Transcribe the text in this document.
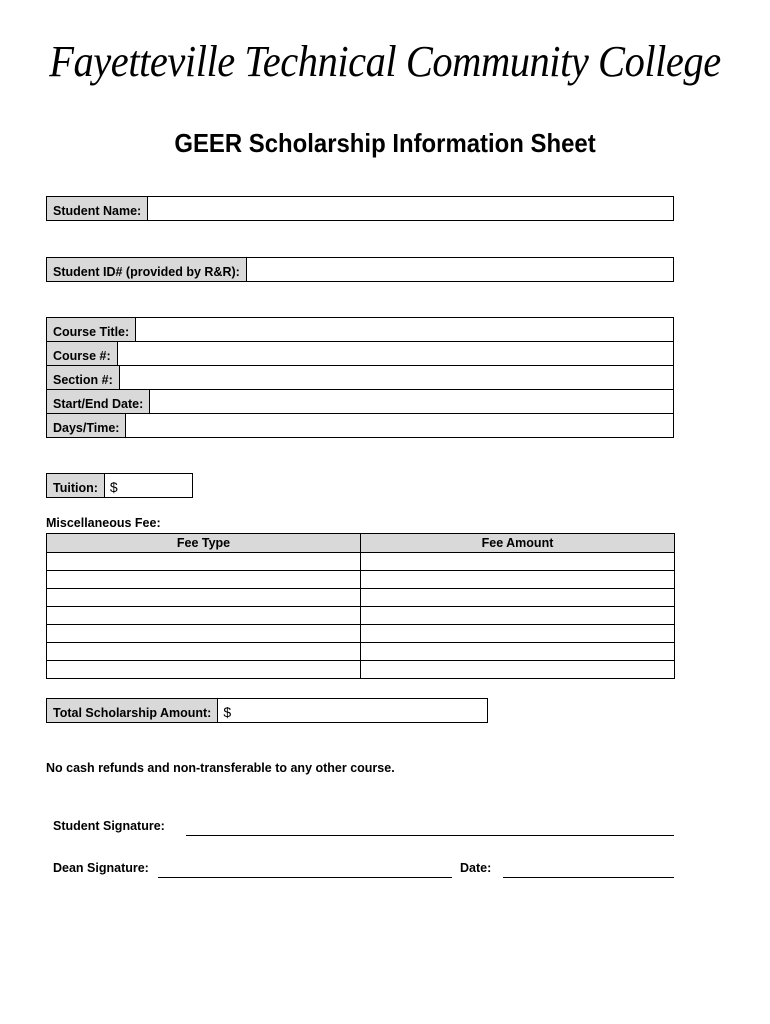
Fayetteville Technical Community College
GEER Scholarship Information Sheet
Student Name:
Student ID# (provided by R&R):
Course Title:
Course #:
Section #:
Start/End Date:
Days/Time:
Tuition: $
Miscellaneous Fee:
Fee Type	Fee Amount

Total Scholarship Amount: $
No cash refunds and non-transferable to any other course.
Student Signature:
Dean Signature:	Date:
